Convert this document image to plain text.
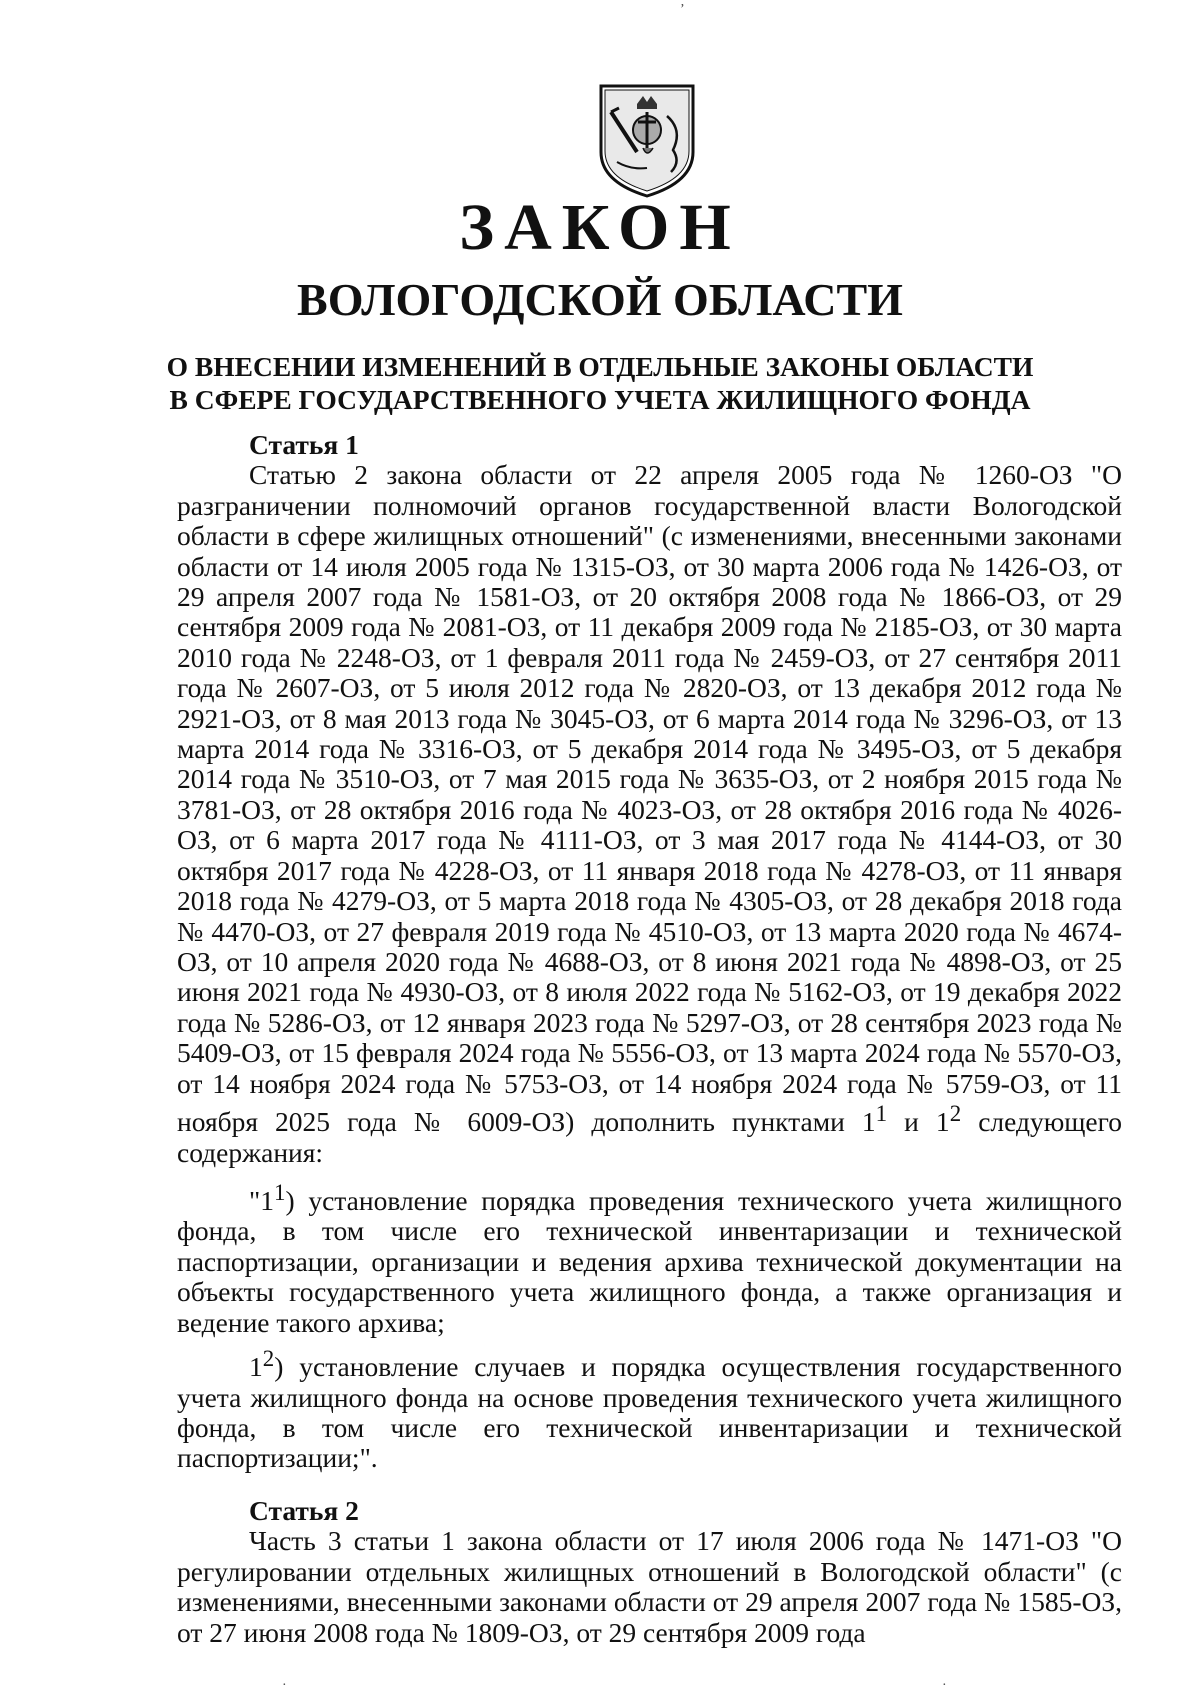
ЗАКОН
ВОЛОГОДСКОЙ ОБЛАСТИ
О ВНЕСЕНИИ ИЗМЕНЕНИЙ В ОТДЕЛЬНЫЕ ЗАКОНЫ ОБЛАСТИ
В СФЕРЕ ГОСУДАРСТВЕННОГО УЧЕТА ЖИЛИЩНОГО ФОНДА

Статья 1

Статью 2 закона области от 22 апреля 2005 года № 1260-ОЗ "О разграничении полномочий органов государственной власти Вологодской области в сфере жилищных отношений" (с изменениями, внесенными законами области от 14 июля 2005 года № 1315-ОЗ, от 30 марта 2006 года № 1426-ОЗ, от 29 апреля 2007 года № 1581-ОЗ, от 20 октября 2008 года № 1866-ОЗ, от 29 сентября 2009 года № 2081-ОЗ, от 11 декабря 2009 года № 2185-ОЗ, от 30 марта 2010 года № 2248-ОЗ, от 1 февраля 2011 года № 2459-ОЗ, от 27 сентября 2011 года № 2607-ОЗ, от 5 июля 2012 года № 2820-ОЗ, от 13 декабря 2012 года № 2921-ОЗ, от 8 мая 2013 года № 3045-ОЗ, от 6 марта 2014 года № 3296-ОЗ, от 13 марта 2014 года № 3316-ОЗ, от 5 декабря 2014 года № 3495-ОЗ, от 5 декабря 2014 года № 3510-ОЗ, от 7 мая 2015 года № 3635-ОЗ, от 2 ноября 2015 года № 3781-ОЗ, от 28 октября 2016 года № 4023-ОЗ, от 28 октября 2016 года № 4026-ОЗ, от 6 марта 2017 года № 4111-ОЗ, от 3 мая 2017 года № 4144-ОЗ, от 30 октября 2017 года № 4228-ОЗ, от 11 января 2018 года № 4278-ОЗ, от 11 января 2018 года № 4279-ОЗ, от 5 марта 2018 года № 4305-ОЗ, от 28 декабря 2018 года № 4470-ОЗ, от 27 февраля 2019 года № 4510-ОЗ, от 13 марта 2020 года № 4674-ОЗ, от 10 апреля 2020 года № 4688-ОЗ, от 8 июня 2021 года № 4898-ОЗ, от 25 июня 2021 года № 4930-ОЗ, от 8 июля 2022 года № 5162-ОЗ, от 19 декабря 2022 года № 5286-ОЗ, от 12 января 2023 года № 5297-ОЗ, от 28 сентября 2023 года № 5409-ОЗ, от 15 февраля 2024 года № 5556-ОЗ, от 13 марта 2024 года № 5570-ОЗ, от 14 ноября 2024 года № 5753-ОЗ, от 14 ноября 2024 года № 5759-ОЗ, от 11 ноября 2025 года № 6009-ОЗ) дополнить пунктами $1^1$ и $1^2$ следующего содержания:

"$1^1$) установление порядка проведения технического учета жилищного фонда, в том числе его технической инвентаризации и технической паспортизации, организации и ведения архива технической документации на объекты государственного учета жилищного фонда, а также организация и ведение такого архива;

$1^2$) установление случаев и порядка осуществления государственного учета жилищного фонда на основе проведения технического учета жилищного фонда, в том числе его технической инвентаризации и технической паспортизации;".

Статья 2

Часть 3 статьи 1 закона области от 17 июля 2006 года № 1471-ОЗ "О регулировании отдельных жилищных отношений в Вологодской области" (с изменениями, внесенными законами области от 29 апреля 2007 года № 1585-ОЗ, от 27 июня 2008 года № 1809-ОЗ, от 29 сентября 2009 года

ʼ
·	·
